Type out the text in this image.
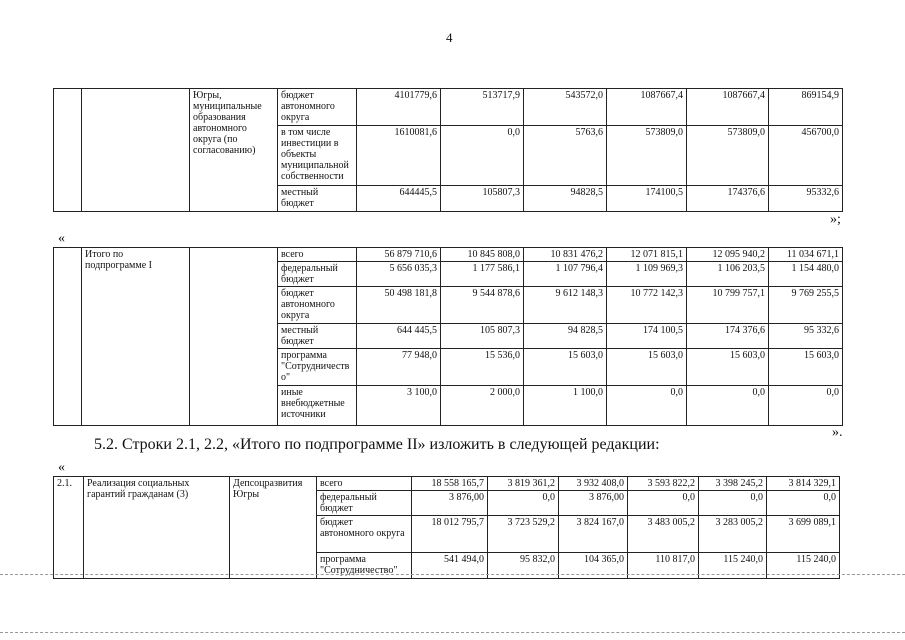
4
		Югры, муниципальные образования автономного округа (по согласованию)	бюджет автономного округа	4101779,6	513717,9	543572,0	1087667,4	1087667,4	869154,9
			в том числе инвестиции в объекты муниципальной собственности	1610081,6	0,0	5763,6	573809,0	573809,0	456700,0
			местный бюджет	644445,5	105807,3	94828,5	174100,5	174376,6	95332,6
»;
«
	Итого по подпрограмме I		всего	56 879 710,6	10 845 808,0	10 831 476,2	12 071 815,1	12 095 940,2	11 034 671,1
			федеральный бюджет	5 656 035,3	1 177 586,1	1 107 796,4	1 109 969,3	1 106 203,5	1 154 480,0
			бюджет автономного округа	50 498 181,8	9 544 878,6	9 612 148,3	10 772 142,3	10 799 757,1	9 769 255,5
			местный бюджет	644 445,5	105 807,3	94 828,5	174 100,5	174 376,6	95 332,6
			программа "Сотрудничеств о"	77 948,0	15 536,0	15 603,0	15 603,0	15 603,0	15 603,0
			иные внебюджетные источники	3 100,0	2 000,0	1 100,0	0,0	0,0	0,0
».
5.2. Строки 2.1, 2.2, «Итого по подпрограмме II» изложить в следующей редакции:
«
2.1.	Реализация социальных гарантий гражданам (3)	Депсоцразвития Югры	всего	18 558 165,7	3 819 361,2	3 932 408,0	3 593 822,2	3 398 245,2	3 814 329,1
			федеральный бюджет	3 876,00	0,0	3 876,00	0,0	0,0	0,0
			бюджет автономного округа	18 012 795,7	3 723 529,2	3 824 167,0	3 483 005,2	3 283 005,2	3 699 089,1
			программа "Сотрудничество"	541 494,0	95 832,0	104 365,0	110 817,0	115 240,0	115 240,0
